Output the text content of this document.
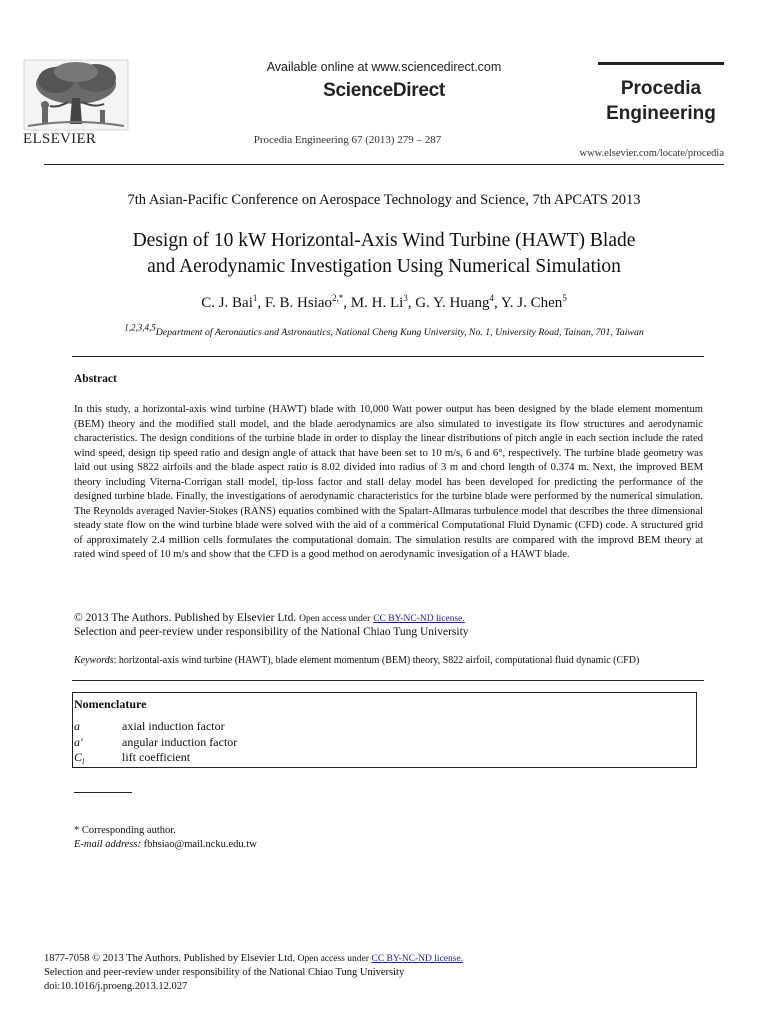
ELSEVIER
Available online at www.sciencedirect.com
ScienceDirect
Procedia Engineering 67 (2013) 279 – 287
Procedia
Engineering
www.elsevier.com/locate/procedia
7th Asian-Pacific Conference on Aerospace Technology and Science, 7th APCATS 2013
Design of 10 kW Horizontal-Axis Wind Turbine (HAWT) Blade
and Aerodynamic Investigation Using Numerical Simulation
C. J. Bai$^1$, F. B. Hsiao$^{2,*}$, M. H. Li$^3$, G. Y. Huang$^4$, Y. J. Chen$^5$
$^{1,2,3,4,5}$Department of Aeronautics and Astronautics, National Cheng Kung University, No. 1, University Road, Tainan, 701, Taiwan
Abstract
In this study, a horizontal-axis wind turbine (HAWT) blade with 10,000 Watt power output has been designed by the blade element momentum (BEM) theory and the modified stall model, and the blade aerodynamics are also simulated to investigate its flow structures and aerodynamic characteristics. The design conditions of the turbine blade in order to display the linear distributions of pitch angle in each section include the rated wind speed, design tip speed ratio and design angle of attack that have been set to 10 m/s, 6 and 6°, respectively. The turbine blade geometry was laid out using S822 airfoils and the blade aspect ratio is 8.02 divided into radius of 3 m and chord length of 0.374 m. Next, the improved BEM theory including Viterna-Corrigan stall model, tip-loss factor and stall delay model has been developed for predicting the performance of the designed turbine blade. Finally, the investigations of aerodynamic characteristics for the turbine blade were performed by the numerical simulation. The Reynolds averaged Navier-Stokes (RANS) equatios combined with the Spalart-Allmaras turbulence model that describes the three dimensional steady state flow on the wind turbine blade were solved with the aid of a commerical Computational Fluid Dynamic (CFD) code. A structured grid of approximately 2.4 million cells formulates the computational domain. The simulation results are compared with the improvd BEM theory at rated wind speed of 10 m/s and show that the CFD is a good method on aerodynamic invesigation of a HAWT blade.
© 2013 The Authors. Published by Elsevier Ltd. Open access under CC BY-NC-ND license.
Selection and peer-review under responsibility of the National Chiao Tung University
Keywords: horizontal-axis wind turbine (HAWT), blade element momentum (BEM) theory, S822 airfoil, computational fluid dynamic (CFD)
Nomenclature
a	axial induction factor
a′	angular induction factor
$C_l$	lift coefficient
* Corresponding author.
E-mail address: fbhsiao@mail.ncku.edu.tw
1877-7058 © 2013 The Authors. Published by Elsevier Ltd. Open access under CC BY-NC-ND license.
Selection and peer-review under responsibility of the National Chiao Tung University
doi:10.1016/j.proeng.2013.12.027
